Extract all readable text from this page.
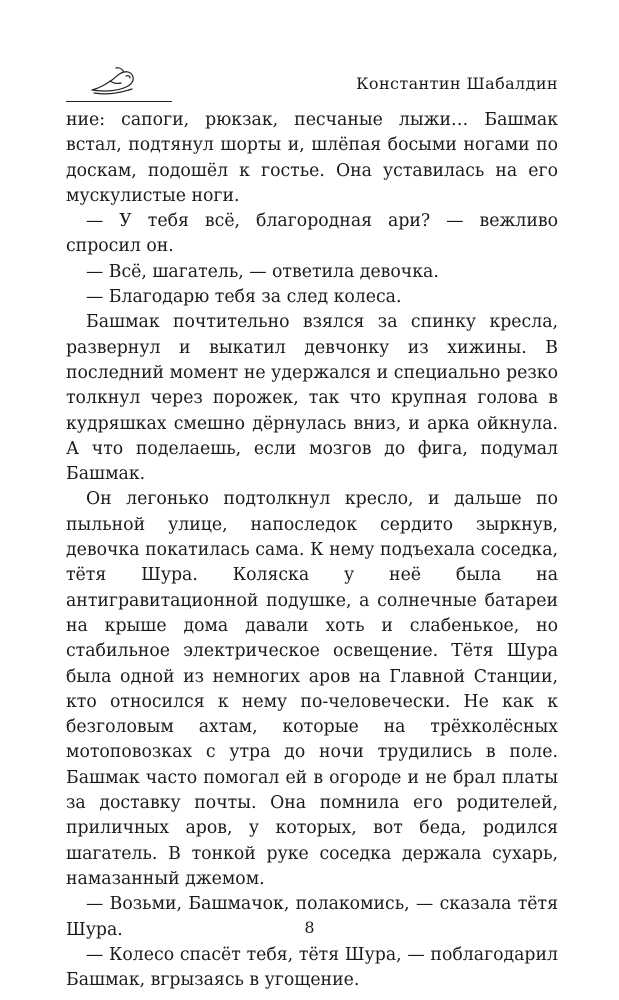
Константин Шабалдин

ние: сапоги, рюкзак, песчаные лыжи… Башмак встал, подтянул шорты и, шлёпая босыми ногами по доскам, подошёл к гостье. Она уставилась на его мускулистые ноги.

— У тебя всё, благородная ари? — вежливо спросил он.

— Всё, шагатель, — ответила девочка.

— Благодарю тебя за след колеса.

Башмак почтительно взялся за спинку кресла, развернул и выкатил девчонку из хижины. В последний момент не удержался и специально резко толкнул через порожек, так что крупная голова в кудряшках смешно дёрнулась вниз, и арка ойкнула. А что поделаешь, если мозгов до фига, подумал Башмак.

Он легонько подтолкнул кресло, и дальше по пыльной улице, напоследок сердито зыркнув, девочка покатилась сама. К нему подъехала соседка, тётя Шура. Коляска у неё была на антигравитационной подушке, а солнечные батареи на крыше дома давали хоть и слабенькое, но стабильное электрическое освещение. Тётя Шура была одной из немногих аров на Главной Станции, кто относился к нему по-человечески. Не как к безголовым ахтам, которые на трёхколёсных мотоповозках с утра до ночи трудились в поле. Башмак часто помогал ей в огороде и не брал платы за доставку почты. Она помнила его родителей, приличных аров, у которых, вот беда, родился шагатель. В тонкой руке соседка держала сухарь, намазанный джемом.

— Возьми, Башмачок, полакомись, — сказала тётя Шура.

— Колесо спасёт тебя, тётя Шура, — поблагодарил Башмак, вгрызаясь в угощение.

8
